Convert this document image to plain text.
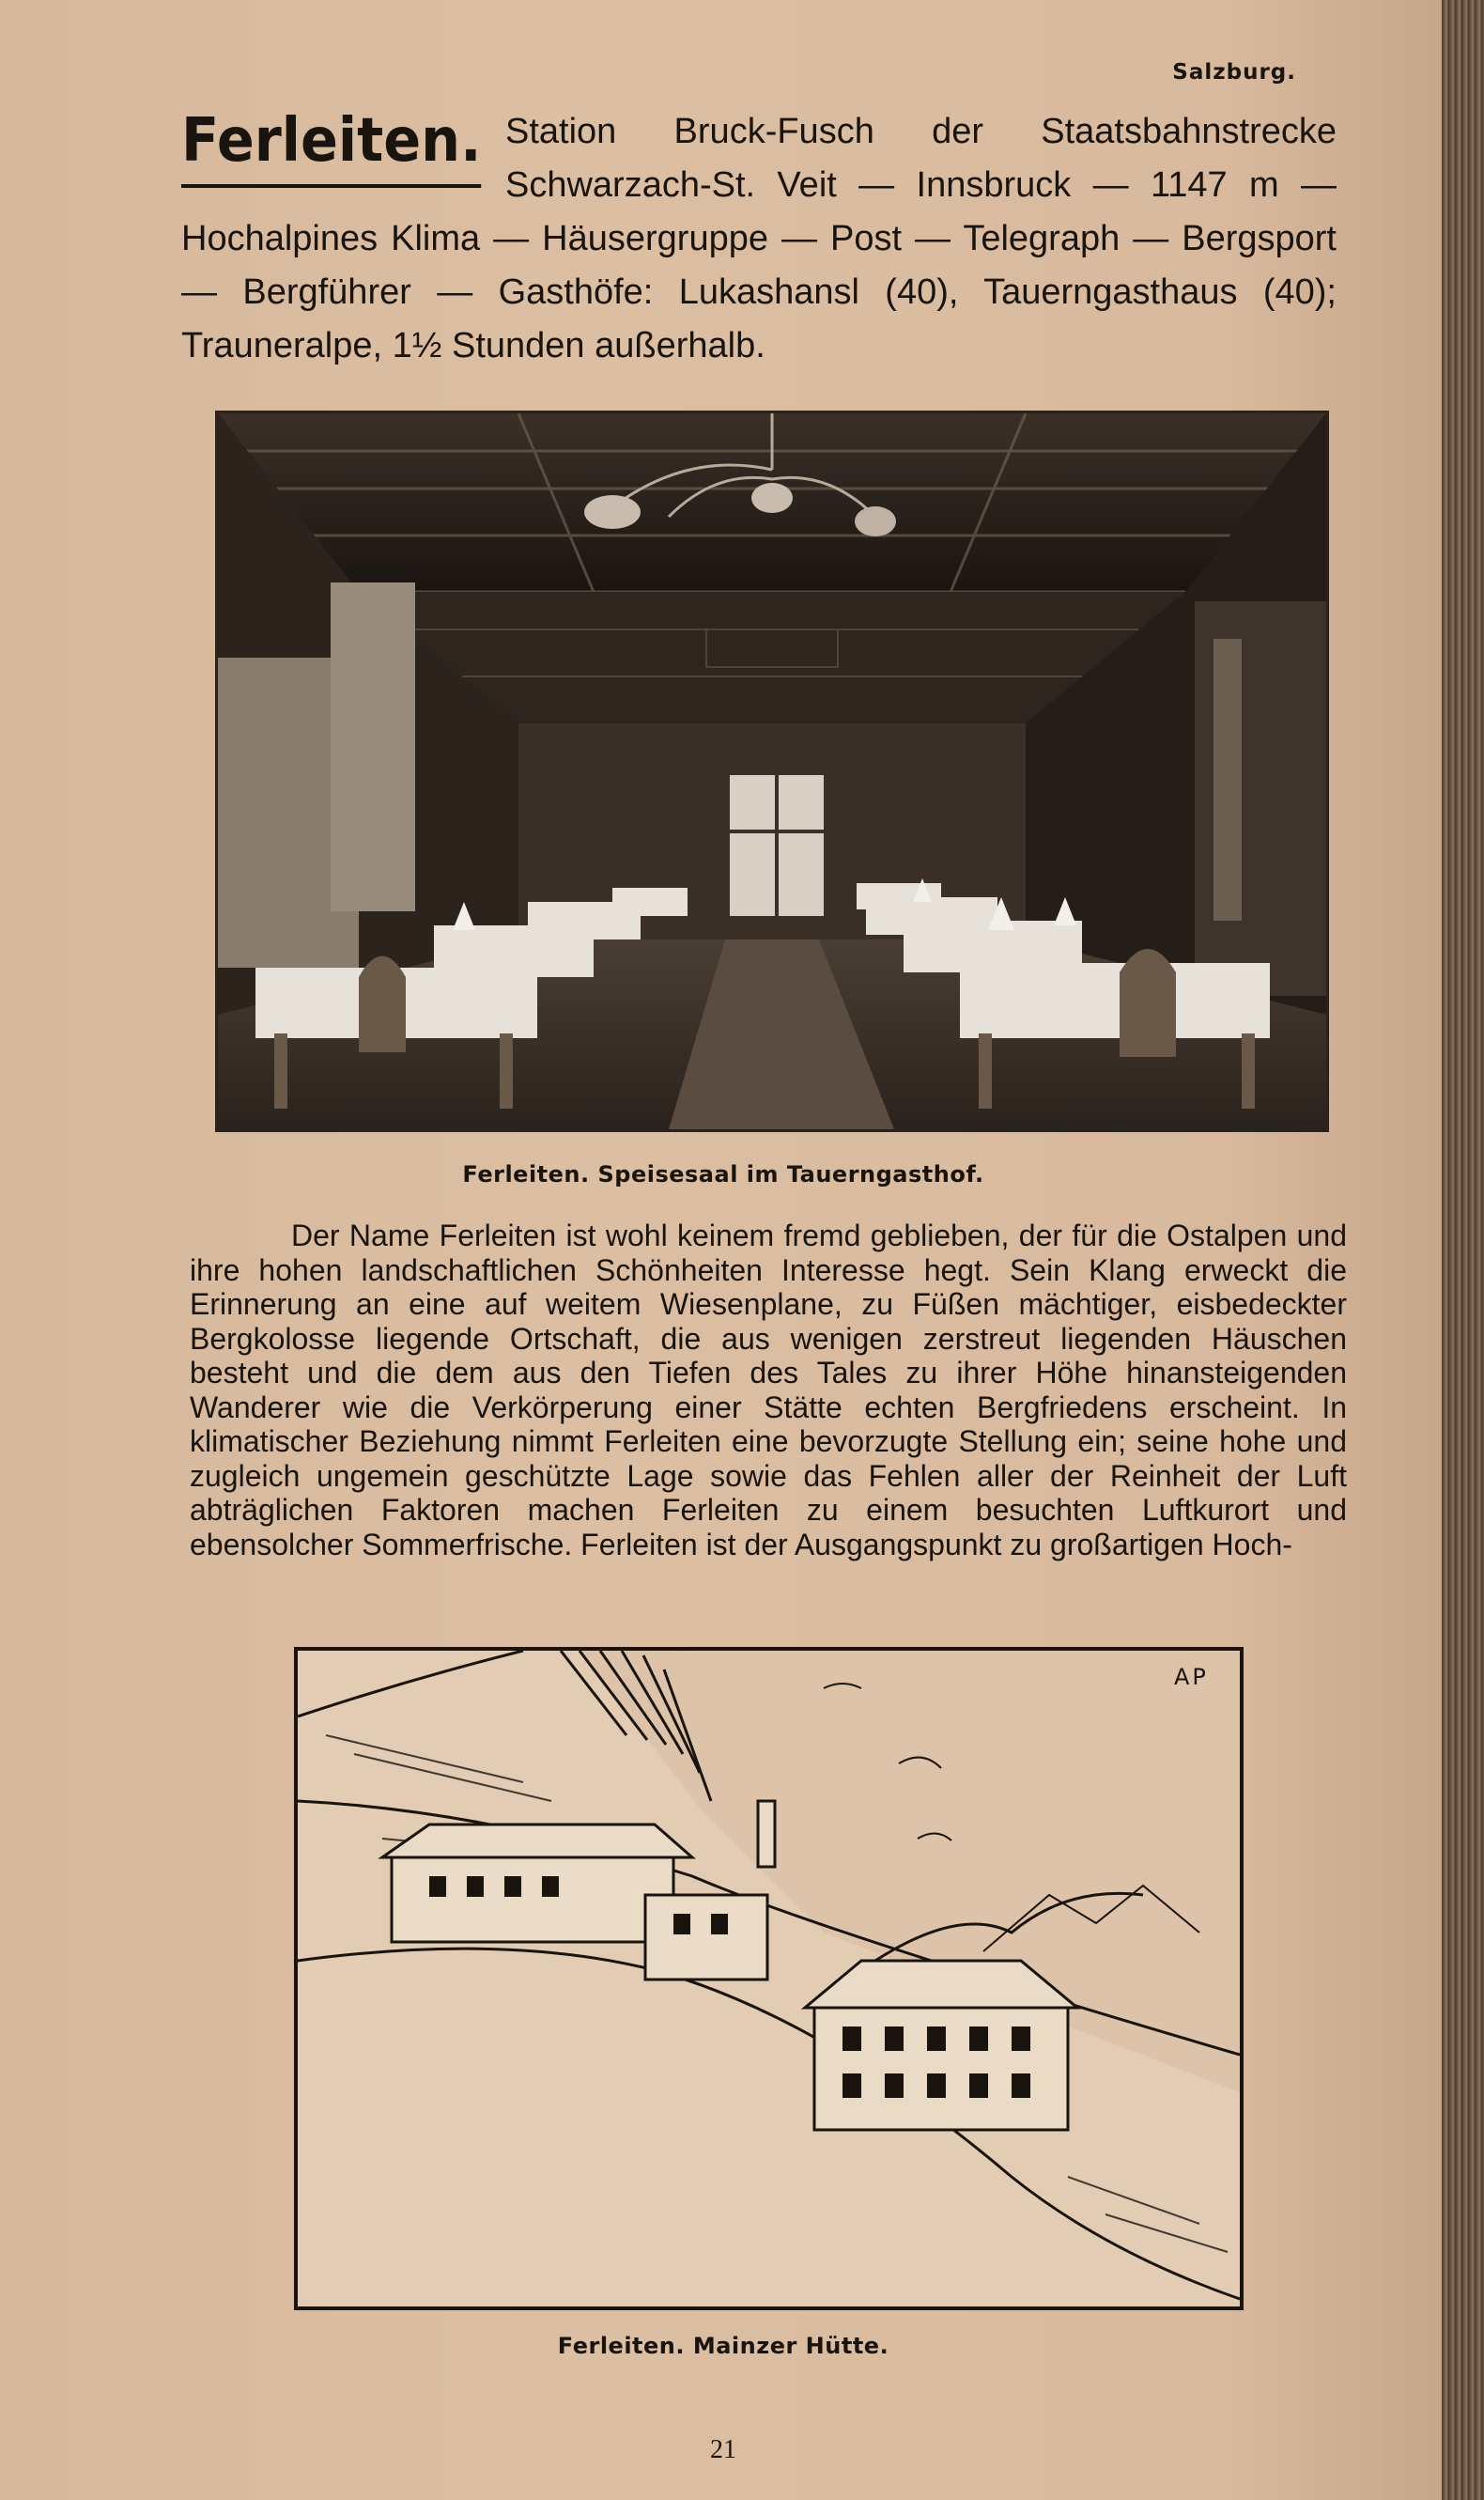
Salzburg.
Ferleiten. Station Bruck-Fusch der Staatsbahnstrecke Schwarzach-St. Veit — Innsbruck — 1147 m — Hochalpines Klima — Häusergruppe — Post — Telegraph — Bergsport — Bergführer — Gasthöfe: Lukashansl (40), Tauerngasthaus (40); Trauneralpe, 1½ Stunden außerhalb.
Ferleiten. Speisesaal im Tauerngasthof.
Der Name Ferleiten ist wohl keinem fremd geblieben, der für die Ostalpen und ihre hohen landschaftlichen Schönheiten Interesse hegt. Sein Klang erweckt die Erinnerung an eine auf weitem Wiesenplane, zu Füßen mächtiger, eisbedeckter Bergkolosse liegende Ortschaft, die aus wenigen zerstreut liegenden Häuschen besteht und die dem aus den Tiefen des Tales zu ihrer Höhe hinansteigenden Wanderer wie die Verkörperung einer Stätte echten Bergfriedens erscheint. In klimatischer Beziehung nimmt Ferleiten eine bevorzugte Stellung ein; seine hohe und zugleich ungemein geschützte Lage sowie das Fehlen aller der Reinheit der Luft abträglichen Faktoren machen Ferleiten zu einem besuchten Luftkurort und ebensolcher Sommerfrische. Ferleiten ist der Ausgangspunkt zu großartigen Hoch-
AP
Ferleiten. Mainzer Hütte.
21
